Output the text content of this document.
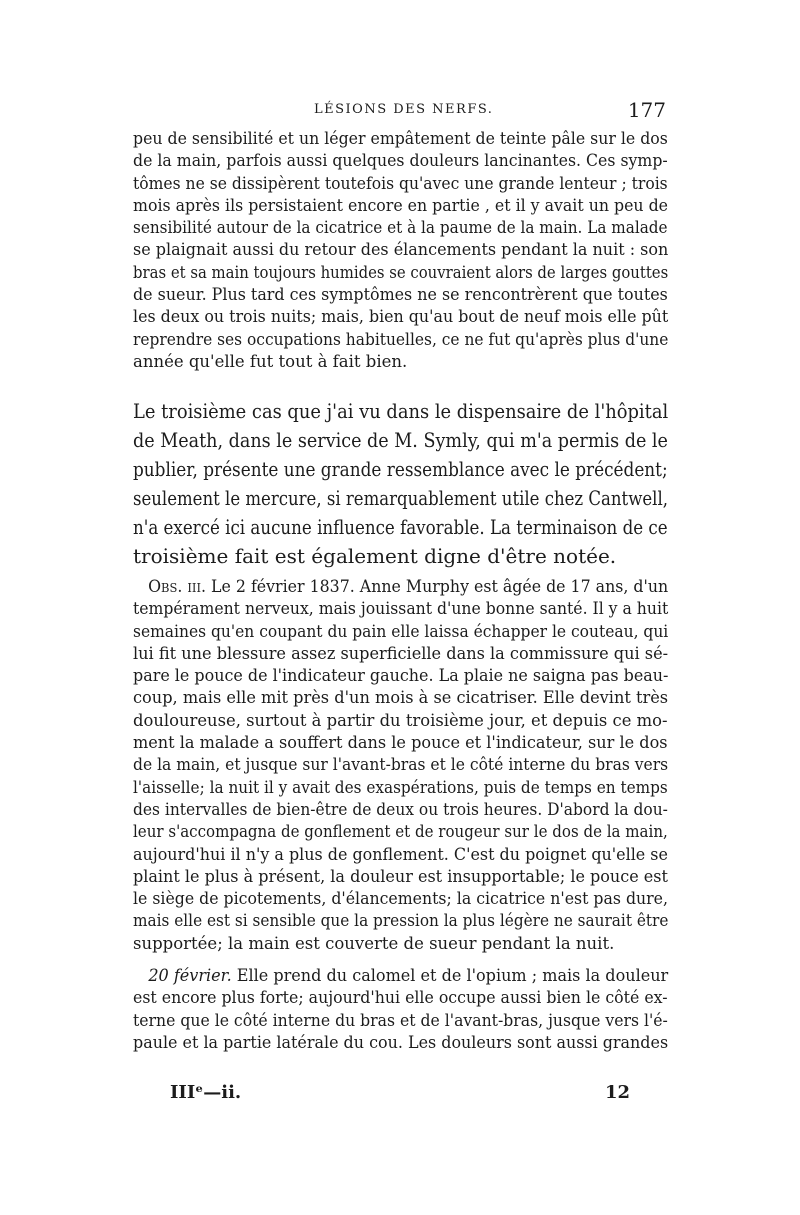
LÉSIONS DES NERFS.	177

peu de sensibilité et un léger empâtement de teinte pâle sur le dos
de la main, parfois aussi quelques douleurs lancinantes. Ces symp-
tômes ne se dissipèrent toutefois qu'avec une grande lenteur ; trois
mois après ils persistaient encore en partie , et il y avait un peu de
sensibilité autour de la cicatrice et à la paume de la main. La malade
se plaignait aussi du retour des élancements pendant la nuit : son
bras et sa main toujours humides se couvraient alors de larges gouttes
de sueur. Plus tard ces symptômes ne se rencontrèrent que toutes
les deux ou trois nuits; mais, bien qu'au bout de neuf mois elle pût
reprendre ses occupations habituelles, ce ne fut qu'après plus d'une
année qu'elle fut tout à fait bien.

Le troisième cas que j'ai vu dans le dispensaire de l'hôpital
de Meath, dans le service de M. Symly, qui m'a permis de le
publier, présente une grande ressemblance avec le précédent;
seulement le mercure, si remarquablement utile chez Cantwell,
n'a exercé ici aucune influence favorable. La terminaison de ce
troisième fait est également digne d'être notée.

Obs. iii. Le 2 février 1837. Anne Murphy est âgée de 17 ans, d'un
tempérament nerveux, mais jouissant d'une bonne santé. Il y a huit
semaines qu'en coupant du pain elle laissa échapper le couteau, qui
lui fit une blessure assez superficielle dans la commissure qui sé-
pare le pouce de l'indicateur gauche. La plaie ne saigna pas beau-
coup, mais elle mit près d'un mois à se cicatriser. Elle devint très
douloureuse, surtout à partir du troisième jour, et depuis ce mo-
ment la malade a souffert dans le pouce et l'indicateur, sur le dos
de la main, et jusque sur l'avant-bras et le côté interne du bras vers
l'aisselle; la nuit il y avait des exaspérations, puis de temps en temps
des intervalles de bien-être de deux ou trois heures. D'abord la dou-
leur s'accompagna de gonflement et de rougeur sur le dos de la main,
aujourd'hui il n'y a plus de gonflement. C'est du poignet qu'elle se
plaint le plus à présent, la douleur est insupportable; le pouce est
le siège de picotements, d'élancements; la cicatrice n'est pas dure,
mais elle est si sensible que la pression la plus légère ne saurait être
supportée; la main est couverte de sueur pendant la nuit.

20 février. Elle prend du calomel et de l'opium ; mais la douleur
est encore plus forte; aujourd'hui elle occupe aussi bien le côté ex-
terne que le côté interne du bras et de l'avant-bras, jusque vers l'é-
paule et la partie latérale du cou. Les douleurs sont aussi grandes

IIIᵉ—ii.	12
